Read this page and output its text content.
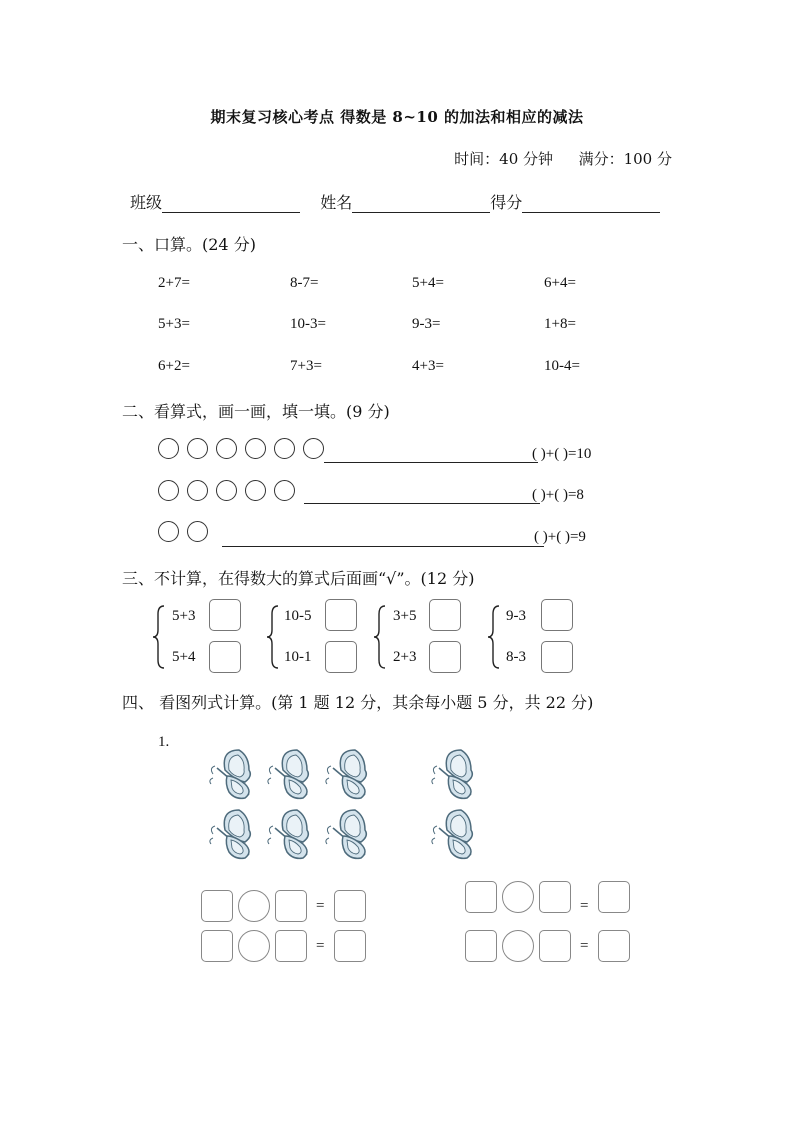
期末复习核心考点 得数是 8~10 的加法和相应的减法
时间：40 分钟 满分：100 分
班级	姓名	得分
一、口算。(24 分)
2+7=	8-7=	5+4=	6+4=
5+3=	10-3=	9-3=	1+8=
6+2=	7+3=	4+3=	10-4=
二、看算式，画一画，填一填。(9 分)
( )+( )=10
( )+( )=8
( )+( )=9
三、不计算，在得数大的算式后面画“√”。(12 分)
5+3
5+4
10-5
10-1
3+5
2+3
9-3
8-3
四、 看图列式计算。(第 1 题 12 分，其余每小题 5 分，共 22 分)
1.
=
=
=
=
